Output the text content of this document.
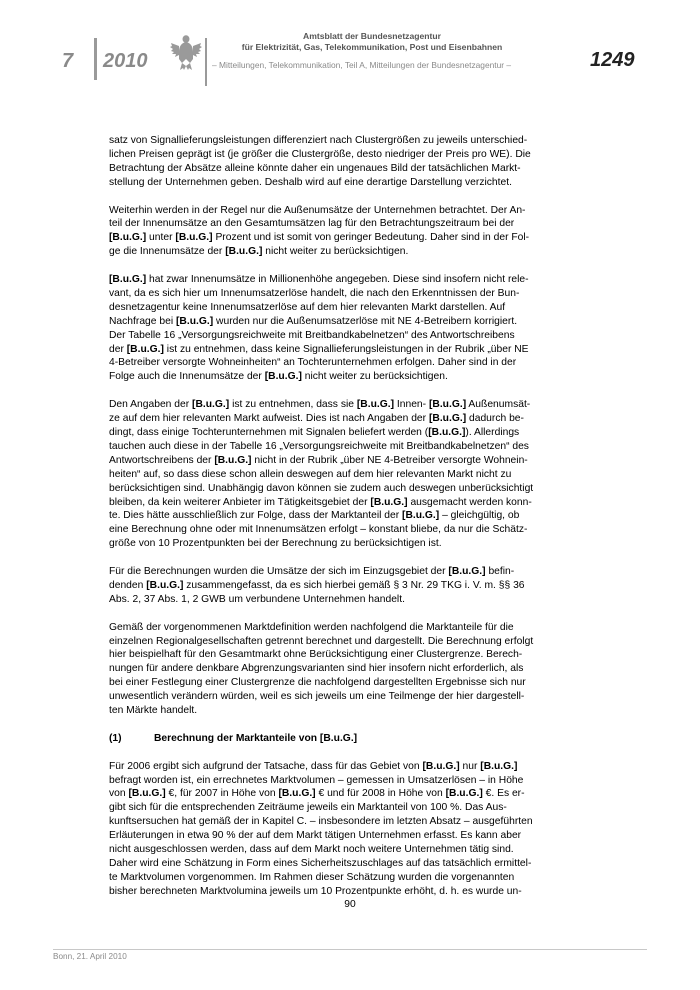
7 2010
Amtsblatt der Bundesnetzagentur
für Elektrizität, Gas, Telekommunikation, Post und Eisenbahnen
– Mitteilungen, Telekommunikation, Teil A, Mitteilungen der Bundesnetzagentur –	1249

satz von Signallieferungsleistungen differenziert nach Clustergrößen zu jeweils unterschied-
lichen Preisen geprägt ist (je größer die Clustergröße, desto niedriger der Preis pro WE). Die
Betrachtung der Absätze alleine könnte daher ein ungenaues Bild der tatsächlichen Markt-
stellung der Unternehmen geben. Deshalb wird auf eine derartige Darstellung verzichtet.

Weiterhin werden in der Regel nur die Außenumsätze der Unternehmen betrachtet. Der An-
teil der Innenumsätze an den Gesamtumsätzen lag für den Betrachtungszeitraum bei der
[B.u.G.] unter [B.u.G.] Prozent und ist somit von geringer Bedeutung. Daher sind in der Fol-
ge die Innenumsätze der [B.u.G.] nicht weiter zu berücksichtigen.

[B.u.G.] hat zwar Innenumsätze in Millionenhöhe angegeben. Diese sind insofern nicht rele-
vant, da es sich hier um Innenumsatzerlöse handelt, die nach den Erkenntnissen der Bun-
desnetzagentur keine Innenumsatzerlöse auf dem hier relevanten Markt darstellen. Auf
Nachfrage bei [B.u.G.] wurden nur die Außenumsatzerlöse mit NE 4-Betreibern korrigiert.
Der Tabelle 16 „Versorgungsreichweite mit Breitbandkabelnetzen“ des Antwortschreibens
der [B.u.G.] ist zu entnehmen, dass keine Signallieferungsleistungen in der Rubrik „über NE
4-Betreiber versorgte Wohneinheiten“ an Tochterunternehmen erfolgen. Daher sind in der
Folge auch die Innenumsätze der [B.u.G.] nicht weiter zu berücksichtigen.

Den Angaben der [B.u.G.] ist zu entnehmen, dass sie [B.u.G.] Innen- [B.u.G.] Außenumsät-
ze auf dem hier relevanten Markt aufweist. Dies ist nach Angaben der [B.u.G.] dadurch be-
dingt, dass einige Tochterunternehmen mit Signalen beliefert werden ([B.u.G.]). Allerdings
tauchen auch diese in der Tabelle 16 „Versorgungsreichweite mit Breitbandkabelnetzen“ des
Antwortschreibens der [B.u.G.] nicht in der Rubrik „über NE 4-Betreiber versorgte Wohnein-
heiten“ auf, so dass diese schon allein deswegen auf dem hier relevanten Markt nicht zu
berücksichtigen sind. Unabhängig davon können sie zudem auch deswegen unberücksichtigt
bleiben, da kein weiterer Anbieter im Tätigkeitsgebiet der [B.u.G.] ausgemacht werden konn-
te. Dies hätte ausschließlich zur Folge, dass der Marktanteil der [B.u.G.] – gleichgültig, ob
eine Berechnung ohne oder mit Innenumsätzen erfolgt – konstant bliebe, da nur die Schätz-
größe von 10 Prozentpunkten bei der Berechnung zu berücksichtigen ist.

Für die Berechnungen wurden die Umsätze der sich im Einzugsgebiet der [B.u.G.] befin-
denden [B.u.G.] zusammengefasst, da es sich hierbei gemäß § 3 Nr. 29 TKG i. V. m. §§ 36
Abs. 2, 37 Abs. 1, 2 GWB um verbundene Unternehmen handelt.

Gemäß der vorgenommenen Marktdefinition werden nachfolgend die Marktanteile für die
einzelnen Regionalgesellschaften getrennt berechnet und dargestellt. Die Berechnung erfolgt
hier beispielhaft für den Gesamtmarkt ohne Berücksichtigung einer Clustergrenze. Berech-
nungen für andere denkbare Abgrenzungsvarianten sind hier insofern nicht erforderlich, als
bei einer Festlegung einer Clustergrenze die nachfolgend dargestellten Ergebnisse sich nur
unwesentlich verändern würden, weil es sich jeweils um eine Teilmenge der hier dargestell-
ten Märkte handelt.

(1)	Berechnung der Marktanteile von [B.u.G.]

Für 2006 ergibt sich aufgrund der Tatsache, dass für das Gebiet von [B.u.G.] nur [B.u.G.]
befragt worden ist, ein errechnetes Marktvolumen – gemessen in Umsatzerlösen – in Höhe
von [B.u.G.] €, für 2007 in Höhe von [B.u.G.] € und für 2008 in Höhe von [B.u.G.] €. Es er-
gibt sich für die entsprechenden Zeiträume jeweils ein Marktanteil von 100 %. Das Aus-
kunftsersuchen hat gemäß der in Kapitel C. – insbesondere im letzten Absatz – ausgeführten
Erläuterungen in etwa 90 % der auf dem Markt tätigen Unternehmen erfasst. Es kann aber
nicht ausgeschlossen werden, dass auf dem Markt noch weitere Unternehmen tätig sind.
Daher wird eine Schätzung in Form eines Sicherheitszuschlages auf das tatsächlich ermittel-
te Marktvolumen vorgenommen. Im Rahmen dieser Schätzung wurden die vorgenannten
bisher berechneten Marktvolumina jeweils um 10 Prozentpunkte erhöht, d. h. es wurde un-

90
Bonn, 21. April 2010
